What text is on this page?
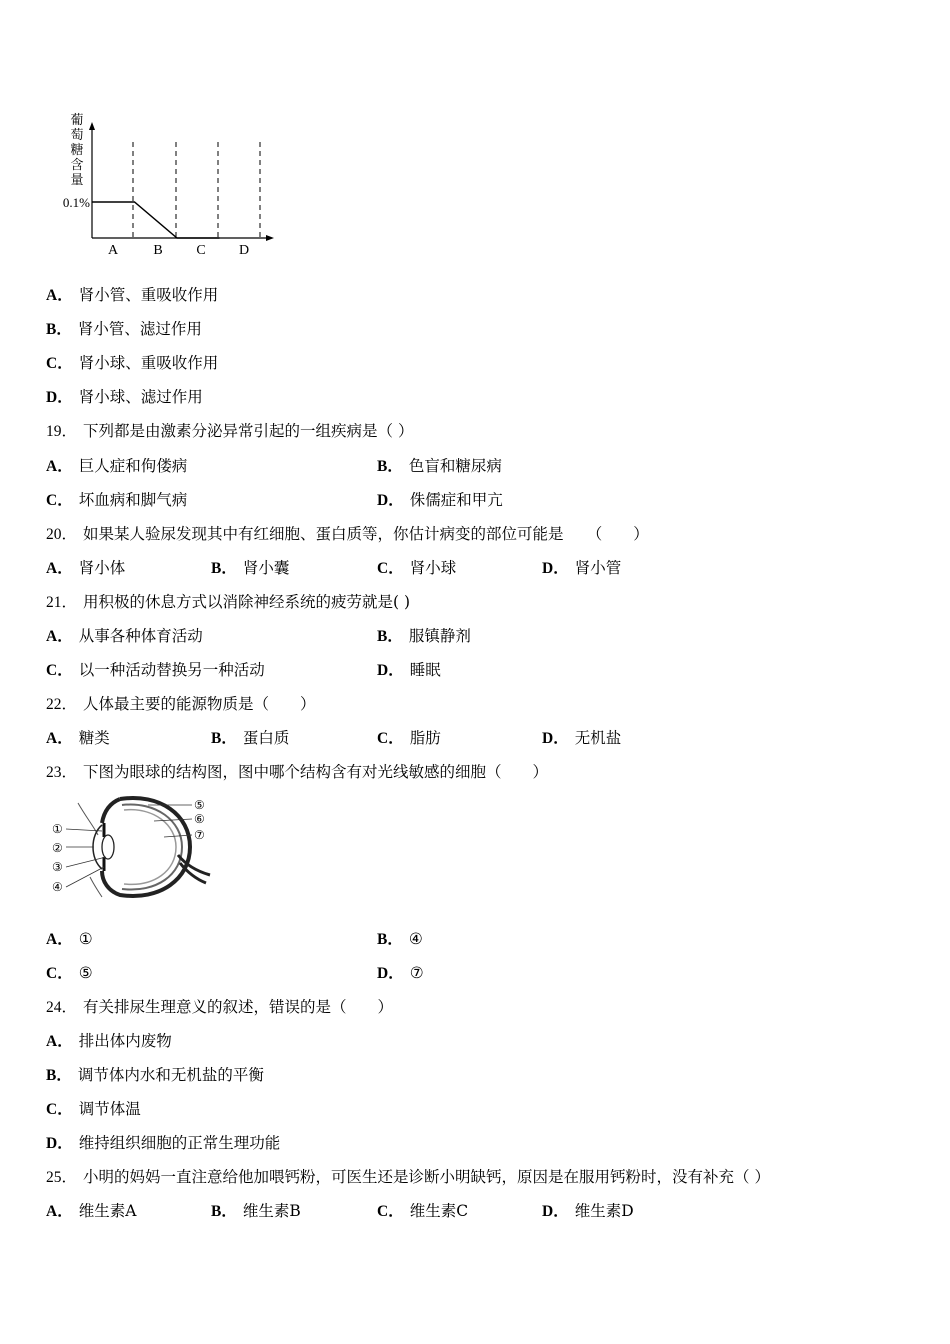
葡
萄
糖
含
量
0.1%
A	B C D
A． 肾小管、重吸收作用
B． 肾小管、滤过作用
C． 肾小球、重吸收作用
D． 肾小球、滤过作用
19． 下列都是由激素分泌异常引起的一组疾病是（ ）
A． 巨人症和佝偻病	B． 色盲和糖尿病
C． 坏血病和脚气病	D． 侏儒症和甲亢
20． 如果某人验尿发现其中有红细胞、蛋白质等，你估计病变的部位可能是　　（　　）
A． 肾小体	B． 肾小囊	C． 肾小球	D． 肾小管
21． 用积极的休息方式以消除神经系统的疲劳就是( )
A． 从事各种体育活动	B． 服镇静剂
C． 以一种活动替换另一种活动	D． 睡眠
22． 人体最主要的能源物质是（　　）
A． 糖类	B． 蛋白质	C． 脂肪	D． 无机盐
23． 下图为眼球的结构图，图中哪个结构含有对光线敏感的细胞（　　）
①
②
③
④
⑤
⑥
⑦
A． ①	B． ④
C． ⑤	D． ⑦
24． 有关排尿生理意义的叙述，错误的是（　　）
A． 排出体内废物
B． 调节体内水和无机盐的平衡
C． 调节体温
D． 维持组织细胞的正常生理功能
25． 小明的妈妈一直注意给他加喂钙粉，可医生还是诊断小明缺钙，原因是在服用钙粉时，没有补充（ ）
A． 维生素A	B． 维生素B	C． 维生素C	D． 维生素D
